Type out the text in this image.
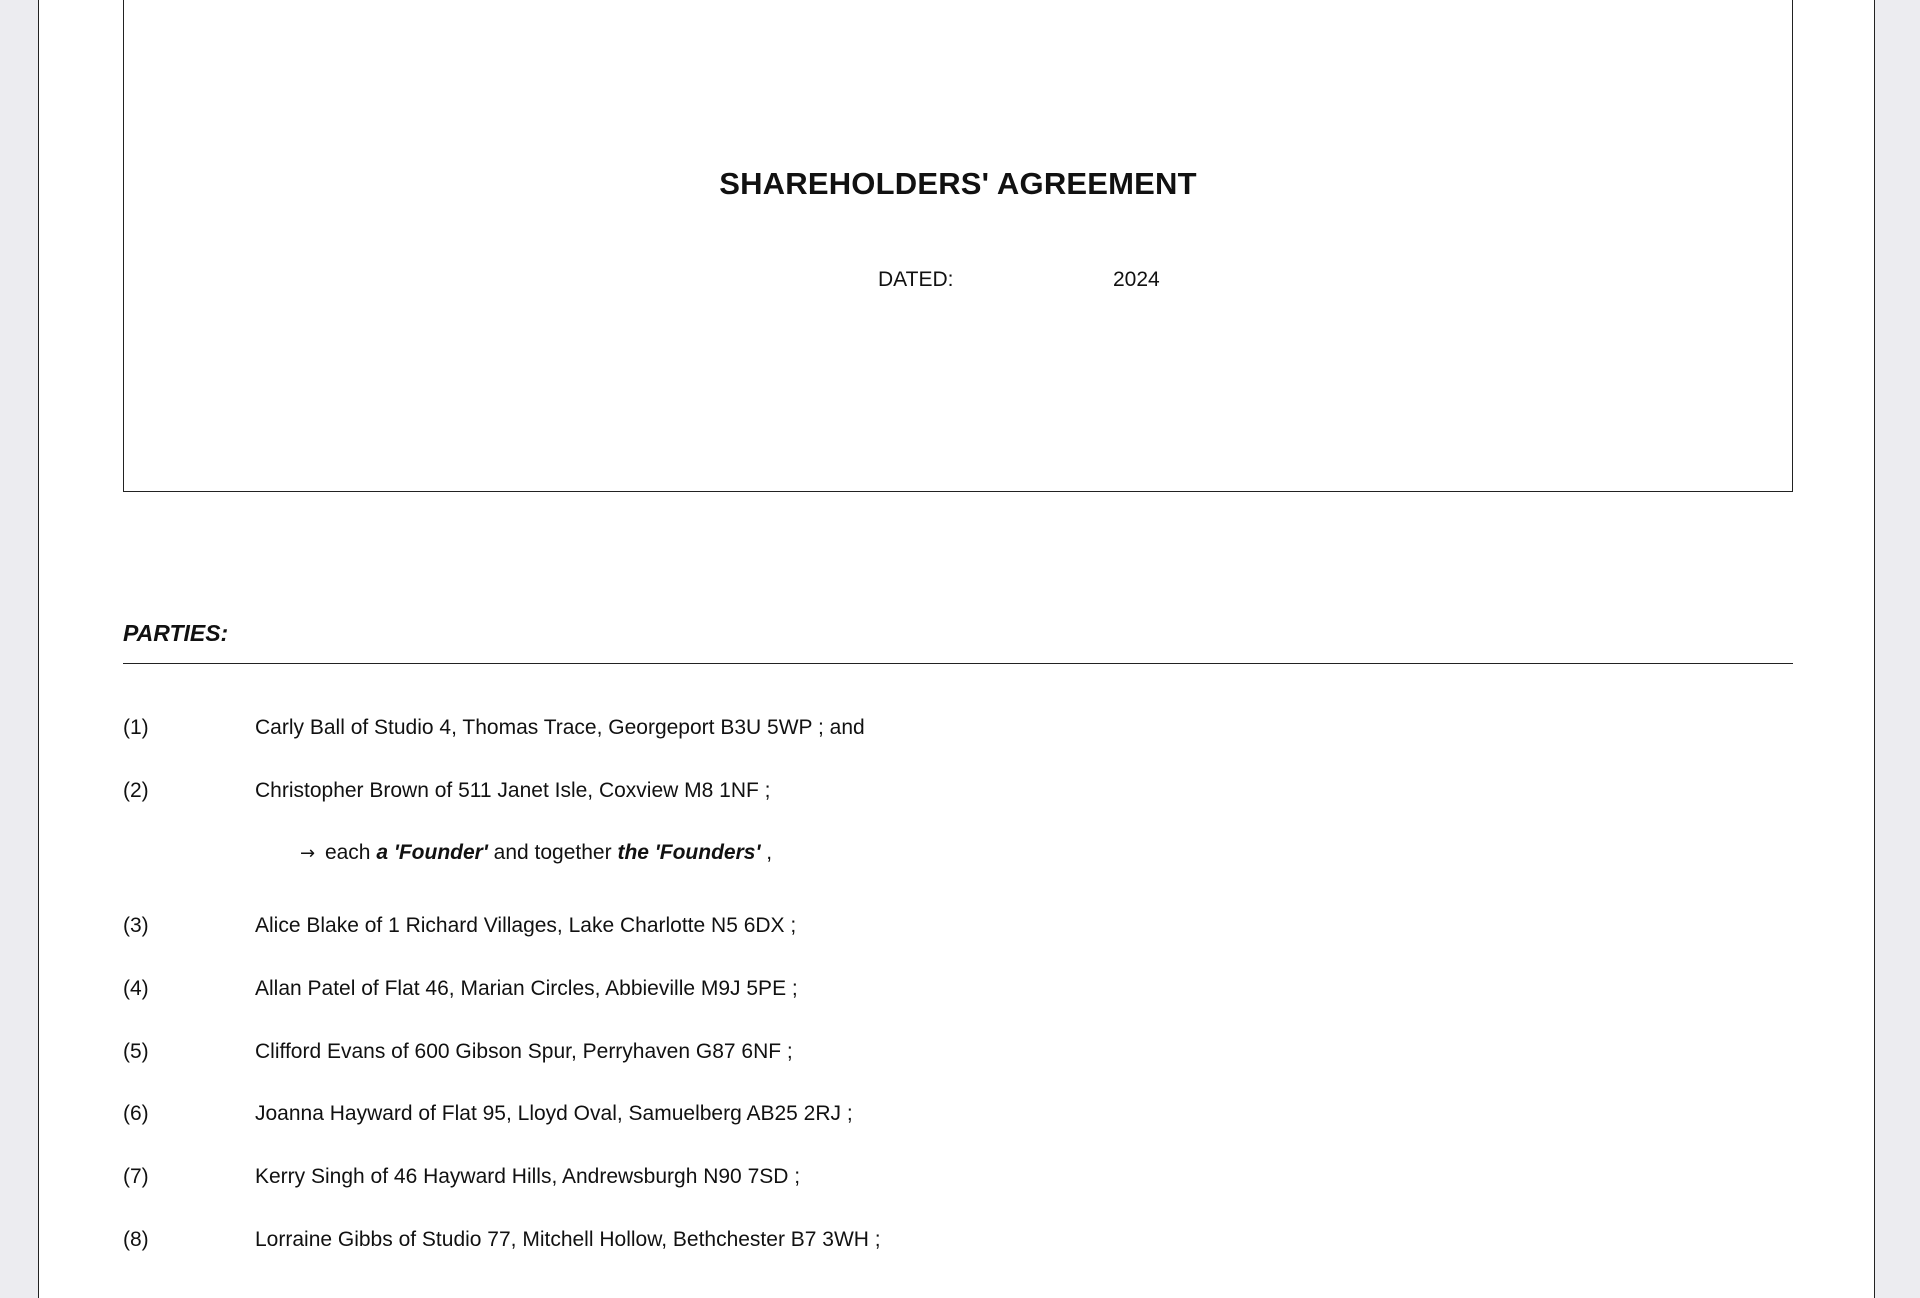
SHAREHOLDERS' AGREEMENT
DATED:	2024
PARTIES:
(1)	Carly Ball of Studio 4, Thomas Trace, Georgeport B3U 5WP ; and
(2)	Christopher Brown of 511 Janet Isle, Coxview M8 1NF ;
→ each a 'Founder' and together the 'Founders' ,
(3)	Alice Blake of 1 Richard Villages, Lake Charlotte N5 6DX ;
(4)	Allan Patel of Flat 46, Marian Circles, Abbieville M9J 5PE ;
(5)	Clifford Evans of 600 Gibson Spur, Perryhaven G87 6NF ;
(6)	Joanna Hayward of Flat 95, Lloyd Oval, Samuelberg AB25 2RJ ;
(7)	Kerry Singh of 46 Hayward Hills, Andrewsburgh N90 7SD ;
(8)	Lorraine Gibbs of Studio 77, Mitchell Hollow, Bethchester B7 3WH ;
